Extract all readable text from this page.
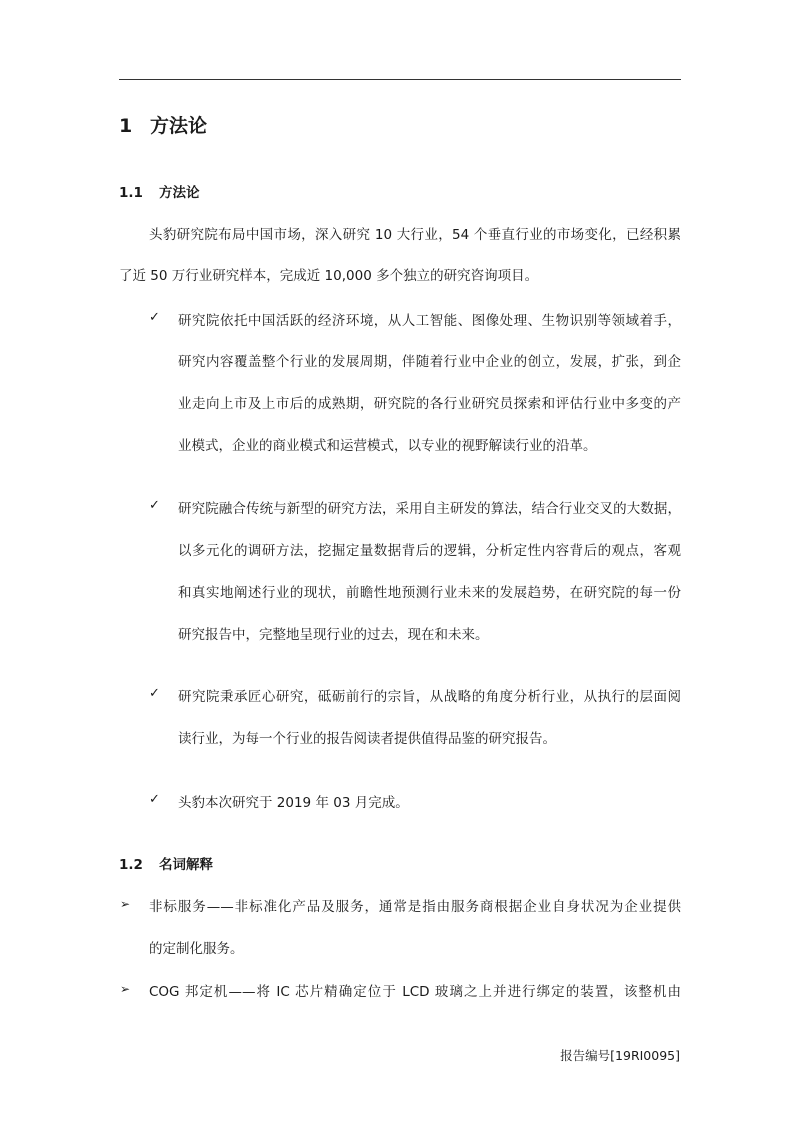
1 方法论
1.1 方法论
头豹研究院布局中国市场，深入研究 10 大行业，54 个垂直行业的市场变化，已经积累
了近 50 万行业研究样本，完成近 10,000 多个独立的研究咨询项目。
✓ 研究院依托中国活跃的经济环境，从人工智能、图像处理、生物识别等领域着手，
研究内容覆盖整个行业的发展周期，伴随着行业中企业的创立，发展，扩张，到企
业走向上市及上市后的成熟期，研究院的各行业研究员探索和评估行业中多变的产
业模式，企业的商业模式和运营模式，以专业的视野解读行业的沿革。
✓ 研究院融合传统与新型的研究方法，采用自主研发的算法，结合行业交叉的大数据，
以多元化的调研方法，挖掘定量数据背后的逻辑，分析定性内容背后的观点，客观
和真实地阐述行业的现状，前瞻性地预测行业未来的发展趋势，在研究院的每一份
研究报告中，完整地呈现行业的过去，现在和未来。
✓ 研究院秉承匠心研究，砥砺前行的宗旨，从战略的角度分析行业，从执行的层面阅
读行业，为每一个行业的报告阅读者提供值得品鉴的研究报告。
✓ 头豹本次研究于 2019 年 03 月完成。
1.2 名词解释
➢ 非标服务——非标准化产品及服务，通常是指由服务商根据企业自身状况为企业提供
的定制化服务。
➢ COG 邦定机——将 IC 芯片精确定位于 LCD 玻璃之上并进行绑定的装置，该整机由
报告编号[19RI0095]
